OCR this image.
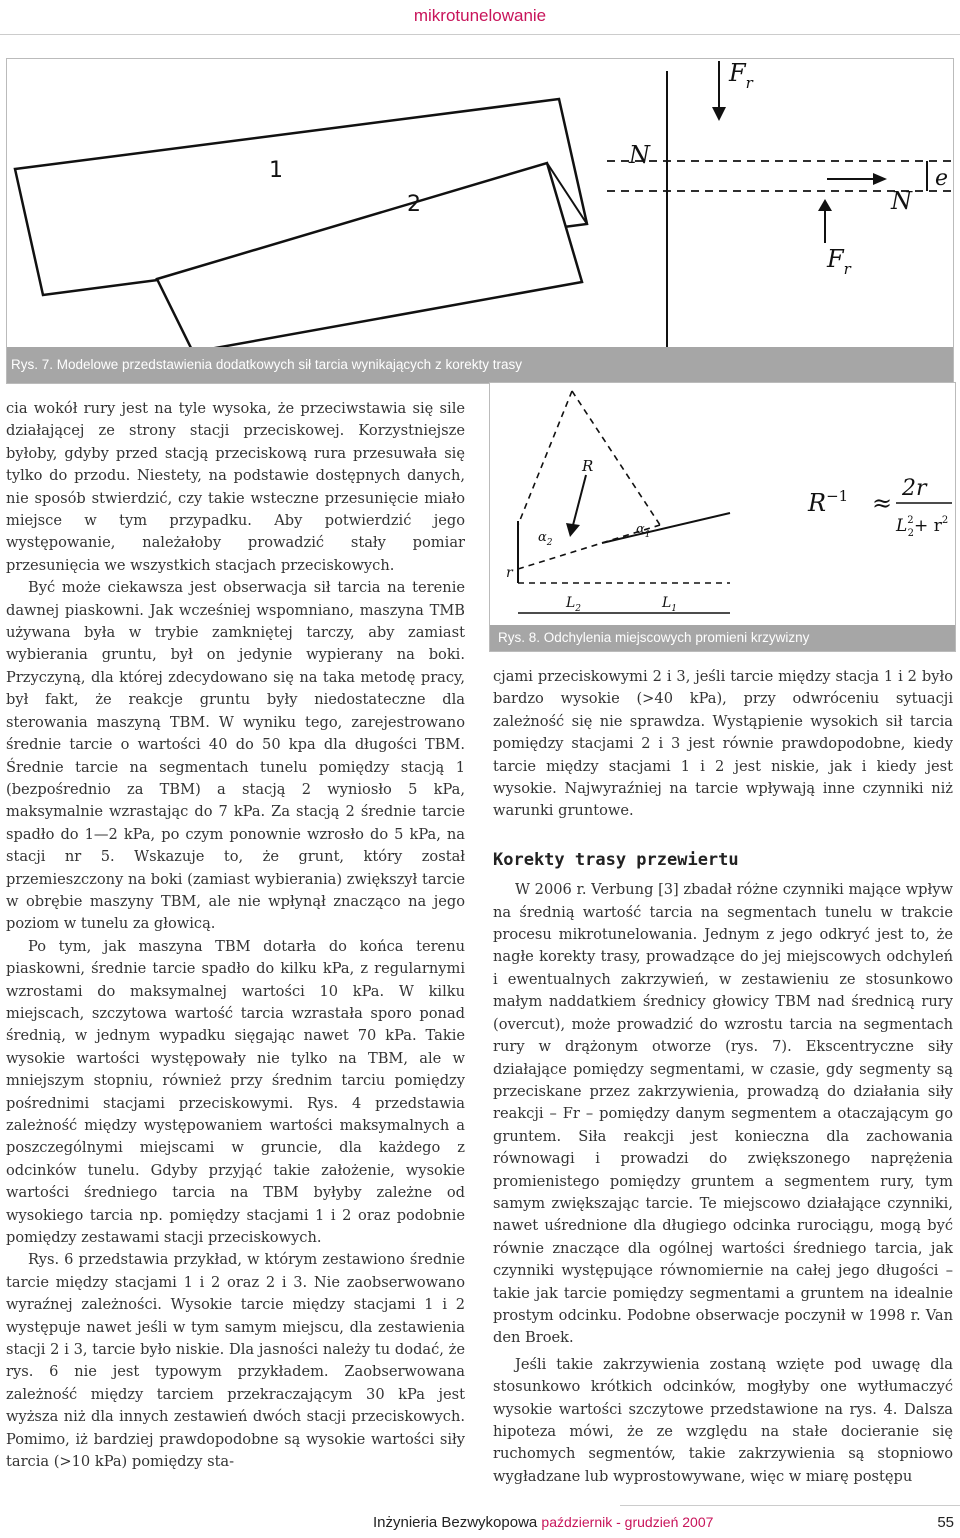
mikrotunelowanie
1
2
$F_r$
N
e
N
$F_r$
Rys. 7. Modelowe przedstawienia dodatkowych sił tarcia wynikających z korekty trasy

cia wokół rury jest na tyle wysoka, że przeciwstawia się sile działającej ze strony stacji przeciskowej. Korzystniejsze byłoby, gdyby przed stacją przeciskową rura przesuwała się tylko do przodu. Niestety, na podstawie dostępnych danych, nie sposób stwierdzić, czy takie wsteczne przesunięcie miało miejsce w tym przypadku. Aby potwierdzić jego występowanie, należałoby prowadzić stały pomiar przesunięcia we wszystkich stacjach przeciskowych.

Być może ciekawsza jest obserwacja sił tarcia na terenie dawnej piaskowni. Jak wcześniej wspomniano, maszyna TMB używana była w trybie zamkniętej tarczy, aby zamiast wybierania gruntu, był on jedynie wypierany na boki. Przyczyną, dla której zdecydowano się na taka metodę pracy, był fakt, że reakcje gruntu były niedostateczne dla sterowania maszyną TBM. W wyniku tego, zarejestrowano średnie tarcie o wartości 40 do 50 kpa dla długości TBM. Średnie tarcie na segmentach tunelu pomiędzy stacją 1 (bezpośrednio za TBM) a stacją 2 wyniosło 5 kPa, maksymalnie wzrastając do 7 kPa. Za stacją 2 średnie tarcie spadło do 1—2 kPa, po czym ponownie wzrosło do 5 kPa, na stacji nr 5. Wskazuje to, że grunt, który został przemieszczony na boki (zamiast wybierania) zwiększył tarcie w obrębie maszyny TBM, ale nie wpłynął znacząco na jego poziom w tunelu za głowicą.

Po tym, jak maszyna TBM dotarła do końca terenu piaskowni, średnie tarcie spadło do kilku kPa, z regularnymi wzrostami do maksymalnej wartości 10 kPa. W kilku miejscach, szczytowa wartość tarcia wzrastała sporo ponad średnią, w jednym wypadku sięgając nawet 70 kPa. Takie wysokie wartości występowały nie tylko na TBM, ale w mniejszym stopniu, również przy średnim tarciu pomiędzy pośrednimi stacjami przeciskowymi. Rys. 4 przedstawia zależność między występowaniem wartości maksymalnych a poszczególnymi miejscami w gruncie, dla każdego z odcinków tunelu. Gdyby przyjąć takie założenie, wysokie wartości średniego tarcia na TBM byłyby zależne od wysokiego tarcia np. pomiędzy stacjami 1 i 2 oraz podobnie pomiędzy zestawami stacji przeciskowych.

Rys. 6 przedstawia przykład, w którym zestawiono średnie tarcie między stacjami 1 i 2 oraz 2 i 3. Nie zaobserwowano wyraźnej zależności. Wysokie tarcie między stacjami 1 i 2 występuje nawet jeśli w tym samym miejscu, dla zestawienia stacji 2 i 3, tarcie było niskie. Dla jasności należy tu dodać, że rys. 6 nie jest typowym przykładem. Zaobserwowana zależność między tarciem przekraczającym 30 kPa jest wyższa niż dla innych zestawień dwóch stacji przeciskowych. Pomimo, iż bardziej prawdopodobne są wysokie wartości siły tarcia (>10 kPa) pomiędzy sta-

R
r
$\alpha_1$
$\alpha_2$
$L_2$	$L_1$
$R^{-1}$ ≈
2r
$L^2$ $2+ r^2$
Rys. 8. Odchylenia miejscowych promieni krzywizny

cjami przeciskowymi 2 i 3, jeśli tarcie między stacja 1 i 2 było bardzo wysokie (>40 kPa), przy odwróceniu sytuacji zależność się nie sprawdza. Wystąpienie wysokich sił tarcia pomiędzy stacjami 2 i 3 jest równie prawdopodobne, kiedy tarcie między stacjami 1 i 2 jest niskie, jak i kiedy jest wysokie. Najwyraźniej na tarcie wpływają inne czynniki niż warunki gruntowe.

Korekty trasy przewiertu

W 2006 r. Verbung [3] zbadał różne czynniki mające wpływ na średnią wartość tarcia na segmentach tunelu w trakcie procesu mikrotunelowania. Jednym z jego odkryć jest to, że nagłe korekty trasy, prowadzące do jej miejscowych odchyleń i ewentualnych zakrzywień, w zestawieniu ze stosunkowo małym naddatkiem średnicy głowicy TBM nad średnicą rury (overcut), może prowadzić do wzrostu tarcia na segmentach rury w drążonym otworze (rys. 7). Ekscentryczne siły działające pomiędzy segmentami, w czasie, gdy segmenty są przeciskane przez zakrzywienia, prowadzą do działania siły reakcji – Fr – pomiędzy danym segmentem a otaczającym go gruntem. Siła reakcji jest konieczna dla zachowania równowagi i prowadzi do zwiększonego naprężenia promienistego pomiędzy gruntem a segmentem rury, tym samym zwiększając tarcie. Te miejscowo działające czynniki, nawet uśrednione dla długiego odcinka rurociągu, mogą być równie znaczące dla ogólnej wartości średniego tarcia, jak czynniki występujące równomiernie na całej jego długości – takie jak tarcie pomiędzy segmentami a gruntem na idealnie prostym odcinku. Podobne obserwacje poczynił w 1998 r. Van den Broek.

Jeśli takie zakrzywienia zostaną wzięte pod uwagę dla stosunkowo krótkich odcinków, mogłyby one wytłumaczyć wysokie wartości szczytowe przedstawione na rys. 4. Dalsza hipoteza mówi, że ze względu na stałe docieranie się ruchomych segmentów, takie zakrzywienia są stopniowo wygładzane lub wyprostowywane, więc w miarę postępu

Inżynieria Bezwykopowa październik - grudzień 2007	55
